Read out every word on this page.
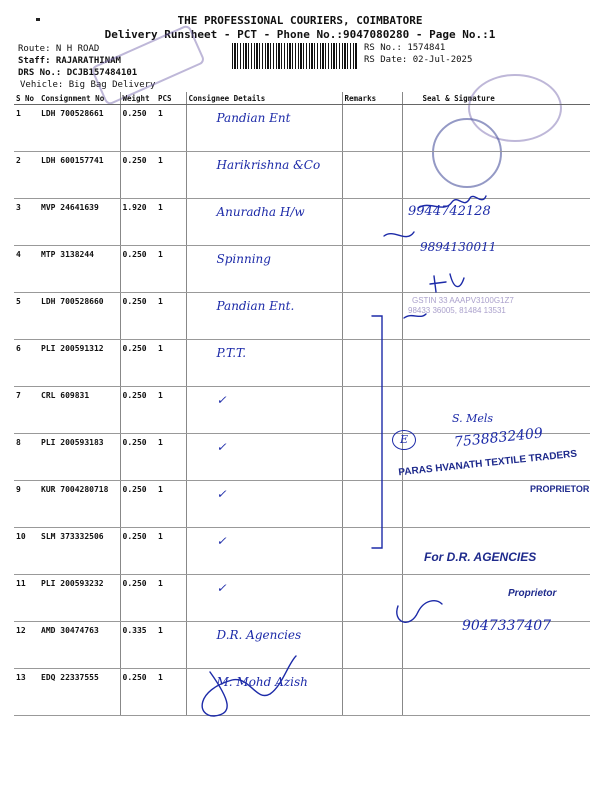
THE PROFESSIONAL COURIERS, COIMBATORE
Delivery Runsheet - PCT - Phone No.:9047080280 - Page No.:1
Route: N H ROAD
Staff: RAJARATHINAM
DRS No.: DCJB157484101
Vehicle: Big Bag Delivery
RS No.: 1574841
RS Date: 02-Jul-2025
S No	Consignment No	Weight	PCS	Consignee Details	Remarks	Seal & Signature
1	LDH 700528661	0.250	1	Pandian Ent		
2	LDH 600157741	0.250	1	Harikrishna &Co		
3	MVP 24641639	1.920	1	Anuradha H/w		
4	MTP 3138244	0.250	1	Spinning		
5	LDH 700528660	0.250	1	Pandian Ent.		
6	PLI 200591312	0.250	1	P.T.T.		
7	CRL 609831	0.250	1	✓		
8	PLI 200593183	0.250	1	✓		
9	KUR 7004280718	0.250	1	✓		
10	SLM 373332506	0.250	1	✓		
11	PLI 200593232	0.250	1	✓		
12	AMD 30474763	0.335	1	D.R. Agencies		
13	EDQ 22337555	0.250	1	M. Mohd Azish		
9944742128
9894130011
GSTIN 33 AAAPV3100G1Z7
98433 36005, 81484 13531
S. Mels
7538832409
E
PARAS HVANATH TEXTILE TRADERS
PROPRIETOR
For D.R. AGENCIES
Proprietor
9047337407
